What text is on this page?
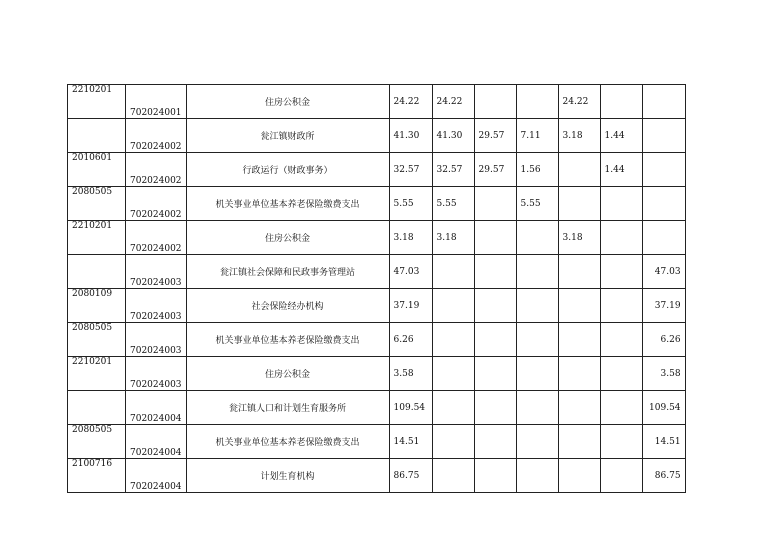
2210201	702024001	住房公积金	24.22	24.22			24.22		
	702024002	瓮江镇财政所	41.30	41.30	29.57	7.11	3.18	1.44	
2010601	702024002	行政运行（财政事务）	32.57	32.57	29.57	1.56		1.44	
2080505	702024002	机关事业单位基本养老保险缴费支出	5.55	5.55		5.55			
2210201	702024002	住房公积金	3.18	3.18			3.18		
	702024003	瓮江镇社会保障和民政事务管理站	47.03						47.03
2080109	702024003	社会保险经办机构	37.19						37.19
2080505	702024003	机关事业单位基本养老保险缴费支出	6.26						6.26
2210201	702024003	住房公积金	3.58						3.58
	702024004	瓮江镇人口和计划生育服务所	109.54						109.54
2080505	702024004	机关事业单位基本养老保险缴费支出	14.51						14.51
2100716	702024004	计划生育机构	86.75						86.75
